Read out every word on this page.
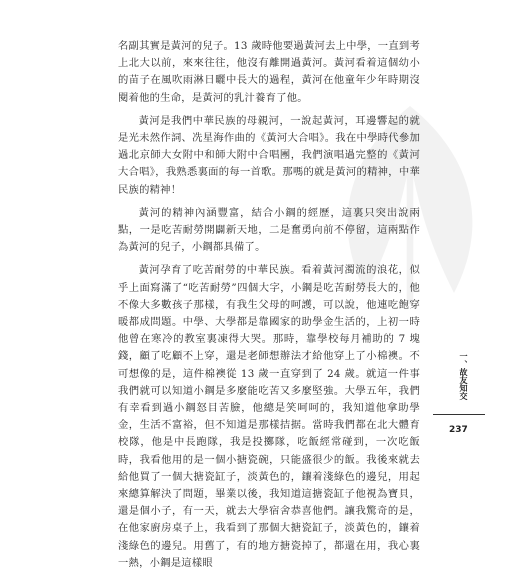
名副其實是黃河的兒子。13 歲時他要過黃河去上中學，一直到考上北大以前，來來往往，他沒有離開過黃河。黃河看着這個幼小的苗子在風吹雨淋日曬中長大的過程，黃河在他童年少年時期沒閱着他的生命，是黃河的乳汁養育了他。

黃河是我們中華民族的母親河，一說起黃河，耳邊響起的就是光未然作詞、冼星海作曲的《黃河大合唱》。我在中學時代參加過北京師大女附中和師大附中合唱團，我們演唱過完整的《黃河大合唱》，我熟悉裏面的每一首歌。那嗎的就是黃河的精神，中華民族的精神！

黃河的精神內涵豐富，結合小鋼的經歷，這裏只突出說兩點，一是吃苦耐勞開闢新天地，二是奮勇向前不停留，這兩點作為黃河的兒子，小鋼都具備了。

黃河孕育了吃苦耐勞的中華民族。看着黃河濁流的浪花，似乎上面寫滿了“吃苦耐勞”四個大字，小鋼是吃苦耐勞長大的，他不像大多數孩子那樣，有我生父母的呵護，可以說，他連吃飽穿暖都成問題。中學、大學都是靠國家的助學金生活的，上初一時他曾在寒冷的教室裏凍得大哭。那時，靠學校每月補助的 7 塊錢，顧了吃顧不上穿，還是老師想辦法才給他穿上了小棉襖。不可想像的是，這件棉襖從 13 歲一直穿到了 24 歲。就這一件事我們就可以知道小鋼是多麼能吃苦又多麼堅強。大學五年，我們有幸看到過小鋼怒目苦臉，他總是笑呵呵的，我知道他拿助學金，生活不富裕，但不知道是那樣拮据。當時我們都在北大體育校隊，他是中長跑隊，我是投擲隊，吃飯經常碰到，一次吃飯時，我看他用的是一個小搪瓷碗，只能盛很少的飯。我後來就去給他買了一個大搪瓷缸子，淡黃色的，鑲着淺綠色的邊兒，用起來總算解決了問題，畢業以後，我知道這搪瓷缸子他視為寶貝，還是個小子，有一天，就去大學宿舍恭喜他們。讓我驚奇的是，在他家廚房桌子上，我看到了那個大搪瓷缸子，淡黃色的，鑲着淺綠色的邊兒。用舊了，有的地方搪瓷掉了，都還在用，我心裏一熱，小鋼是這樣眼

一、故友知交
237
